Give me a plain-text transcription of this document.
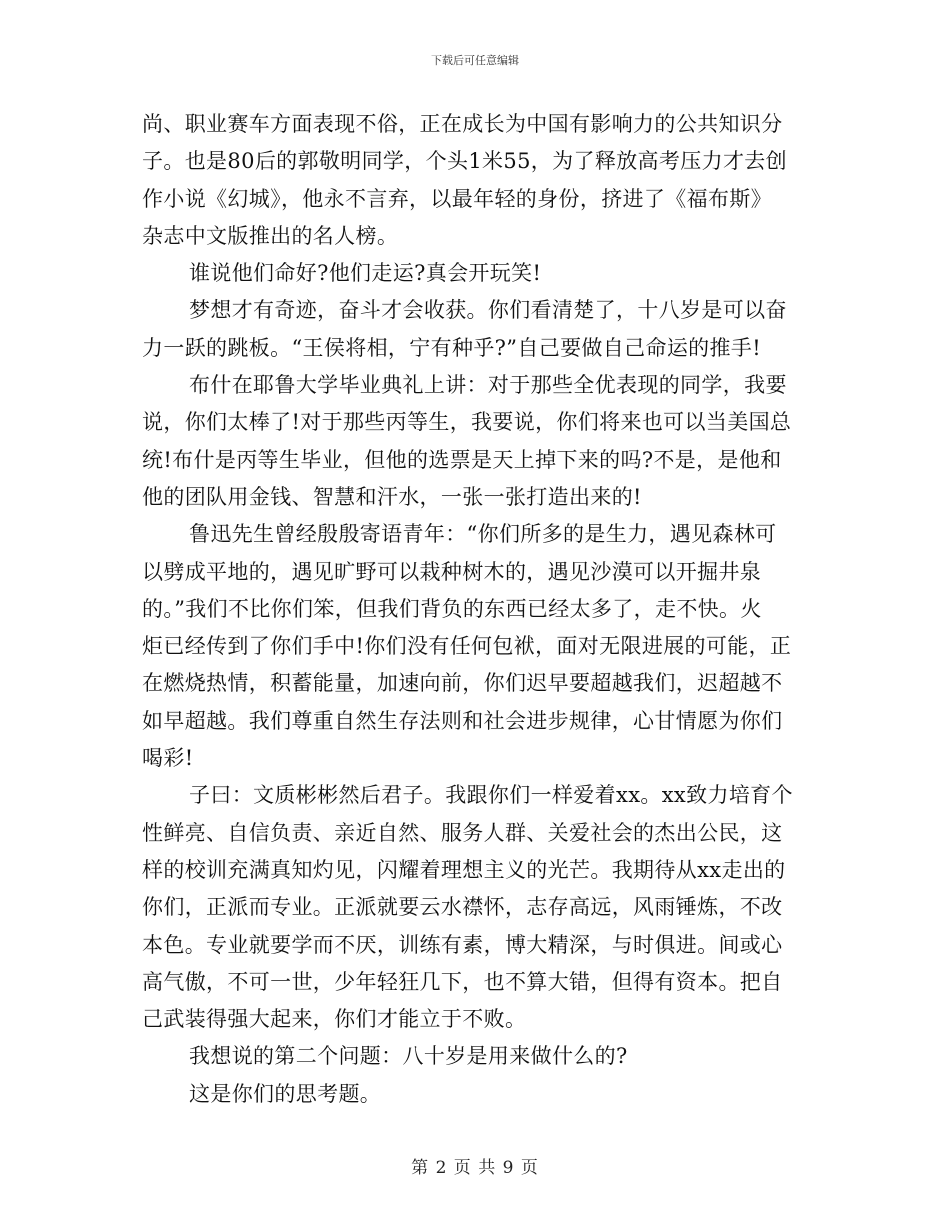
下载后可任意编辑
尚、职业赛车方面表现不俗，正在成长为中国有影响力的公共知识分
子。也是80后的郭敬明同学，个头1米55，为了释放高考压力才去创
作小说《幻城》，他永不言弃，以最年轻的身份，挤进了《福布斯》
杂志中文版推出的名人榜。
谁说他们命好?他们走运?真会开玩笑!
梦想才有奇迹，奋斗才会收获。你们看清楚了，十八岁是可以奋
力一跃的跳板。“王侯将相，宁有种乎?”自己要做自己命运的推手!
布什在耶鲁大学毕业典礼上讲：对于那些全优表现的同学，我要
说，你们太棒了!对于那些丙等生，我要说，你们将来也可以当美国总
统!布什是丙等生毕业，但他的选票是天上掉下来的吗?不是，是他和
他的团队用金钱、智慧和汗水，一张一张打造出来的!
鲁迅先生曾经殷殷寄语青年：“你们所多的是生力，遇见森林可
以劈成平地的，遇见旷野可以栽种树木的，遇见沙漠可以开掘井泉
的。”我们不比你们笨，但我们背负的东西已经太多了，走不快。火
炬已经传到了你们手中!你们没有任何包袱，面对无限进展的可能，正
在燃烧热情，积蓄能量，加速向前，你们迟早要超越我们，迟超越不
如早超越。我们尊重自然生存法则和社会进步规律，心甘情愿为你们
喝彩!
子曰：文质彬彬然后君子。我跟你们一样爱着xx。xx致力培育个
性鲜亮、自信负责、亲近自然、服务人群、关爱社会的杰出公民，这
样的校训充满真知灼见，闪耀着理想主义的光芒。我期待从xx走出的
你们，正派而专业。正派就要云水襟怀，志存高远，风雨锤炼，不改
本色。专业就要学而不厌，训练有素，博大精深，与时俱进。间或心
高气傲，不可一世，少年轻狂几下，也不算大错，但得有资本。把自
己武装得强大起来，你们才能立于不败。
我想说的第二个问题：八十岁是用来做什么的?
这是你们的思考题。
第 2 页 共 9 页
